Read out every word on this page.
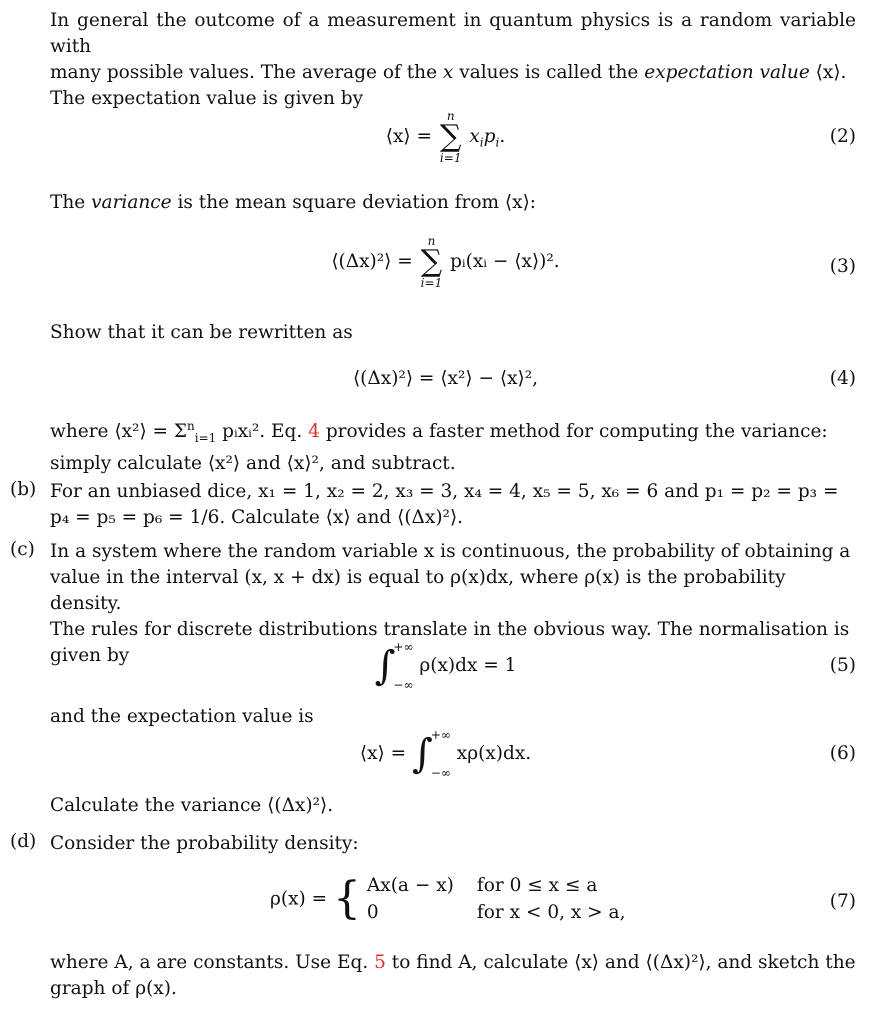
In general the outcome of a measurement in quantum physics is a random variable with
many possible values. The average of the x values is called the expectation value ⟨x⟩.
The expectation value is given by
⟨x⟩ =
n
∑
i=1
$x_ip_i$.	(2)
The variance is the mean square deviation from ⟨x⟩:
⟨(Δx)²⟩ =
n
∑
i=1
pᵢ(xᵢ − ⟨x⟩)².	(3)
Show that it can be rewritten as
⟨(Δx)²⟩ = ⟨x²⟩ − ⟨x⟩²,	(4)
where ⟨x²⟩ = $\Sigma^n_{i=1}$ pᵢxᵢ². Eq. 4 provides a faster method for computing the variance:
simply calculate ⟨x²⟩ and ⟨x⟩², and subtract.
(b) For an unbiased dice, x₁ = 1, x₂ = 2, x₃ = 3, x₄ = 4, x₅ = 5, x₆ = 6 and p₁ = p₂ = p₃ =
p₄ = p₅ = p₆ = 1/6. Calculate ⟨x⟩ and ⟨(Δx)²⟩.
(c) In a system where the random variable x is continuous, the probability of obtaining a
value in the interval (x, x + dx) is equal to ρ(x)dx, where ρ(x) is the probability density.
The rules for discrete distributions translate in the obvious way. The normalisation is
given by	∫
+∞
−∞
ρ(x)dx = 1	(5)
and the expectation value is
⟨x⟩ = ∫
+∞
−∞
xρ(x)dx.	(6)
Calculate the variance ⟨(Δx)²⟩.
(d) Consider the probability density:
ρ(x) = { Ax(a − x) for 0 ≤ x ≤ a
0	for x < 0, x > a,
(7)
where A, a are constants. Use Eq. 5 to find A, calculate ⟨x⟩ and ⟨(Δx)²⟩, and sketch the
graph of ρ(x).
